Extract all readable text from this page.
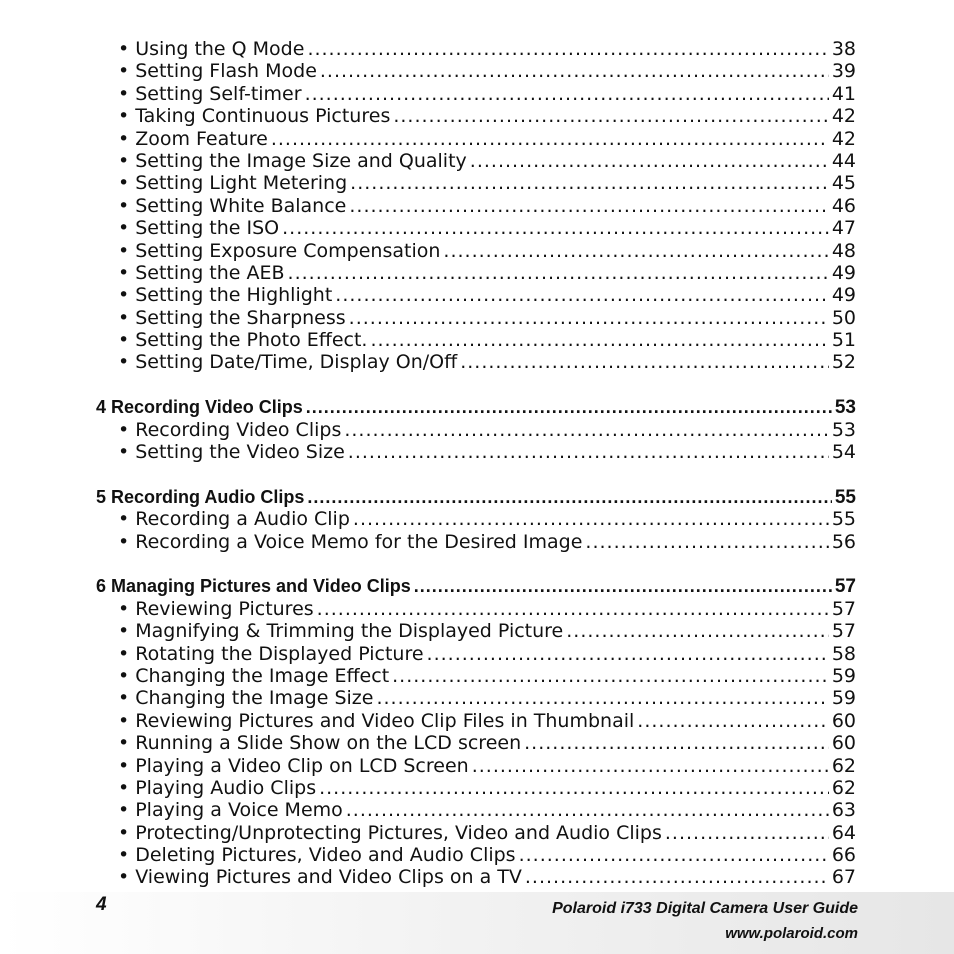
• Using the Q Mode .....	38
• Setting Flash Mode .....	39
• Setting Self-timer .....	41
• Taking Continuous Pictures .....	42
• Zoom Feature .....	42
• Setting the Image Size and Quality .....	44
• Setting Light Metering .....	45
• Setting White Balance .....	46
• Setting the ISO .....	47
• Setting Exposure Compensation .....	48
• Setting the AEB .....	49
• Setting the Highlight .....	49
• Setting the Sharpness .....	50
• Setting the Photo Effect. .....	51
• Setting Date/Time, Display On/Off .....	52
4 Recording Video Clips .....	53
• Recording Video Clips .....	53
• Setting the Video Size .....	54
5 Recording Audio Clips .....	55
• Recording a Audio Clip .....	55
• Recording a Voice Memo for the Desired Image .....	56
6 Managing Pictures and Video Clips .....	57
• Reviewing Pictures .....	57
• Magnifying & Trimming the Displayed Picture .....	57
• Rotating the Displayed Picture .....	58
• Changing the Image Effect .....	59
• Changing the Image Size .....	59
• Reviewing Pictures and Video Clip Files in Thumbnail .....	60
• Running a Slide Show on the LCD screen .....	60
• Playing a Video Clip on LCD Screen .....	62
• Playing Audio Clips .....	62
• Playing a Voice Memo .....	63
• Protecting/Unprotecting Pictures, Video and Audio Clips .....	64
• Deleting Pictures, Video and Audio Clips .....	66
• Viewing Pictures and Video Clips on a TV .....	67
4	Polaroid i733 Digital Camera User Guide
www.polaroid.com
